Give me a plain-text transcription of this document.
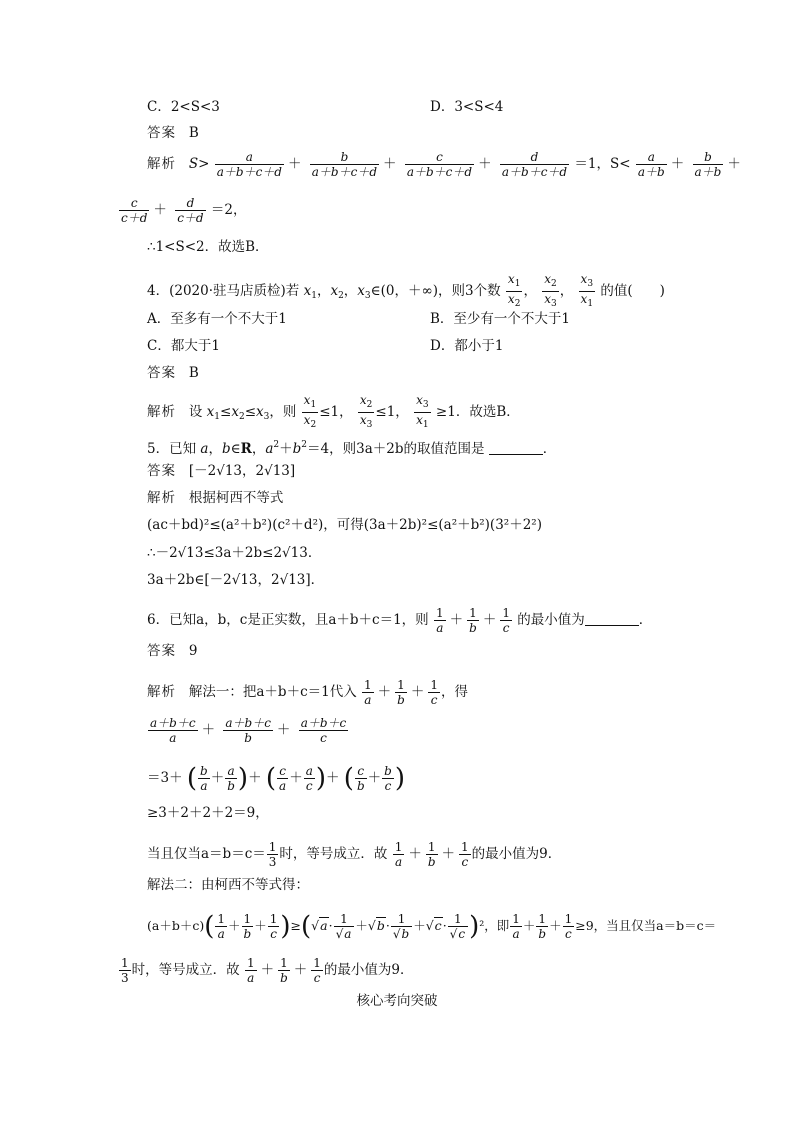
C．2<S<3	D．3<S<4
答案 B
解析 $S> \frac{a}{a+b+c+d} + \frac{b}{a+b+c+d} + \frac{c}{a+b+c+d} + \frac{d}{a+b+c+d} =1$，$S< \frac{a}{a+b} + \frac{b}{a+b}$ ＋
$\frac{c}{c+d} + \frac{d}{c+d} =2$，
∴1<S<2．故选B．
4．(2020·驻马店质检)若 $x_1$，$x_2$，$x_3\in(0$，＋∞)，则3个数 $\frac{x_1}{x_2}$ ， $\frac{x_2}{x_3}$ ， $\frac{x_3}{x_1}$ 的值(　　)
A．至多有一个不大于1	B．至少有一个不大于1
C．都大于1	D．都小于1
答案 B
解析 设 $x_1\le x_2\le x_3$，则 $\frac{x_1}{x_2} \le 1$， $\frac{x_2}{x_3} \le 1$， $\frac{x_3}{x_1} \ge 1$．故选B．
5．已知 a，b∈R，$a^2+b^2=4$，则3a＋2b的取值范围是	．
答案 [－2√13，2√13]
解析 根据柯西不等式
(ac＋bd)²≤(a²＋b²)(c²＋d²)，可得(3a＋2b)²≤(a²＋b²)(3²＋2²)
∴－2√13≤3a＋2b≤2√13．
3a＋2b∈[－2√13，2√13]．
6．已知a，b，c是正实数，且a＋b＋c＝1，则 $\frac{1}{a} + \frac{1}{b} + \frac{1}{c}$ 的最小值为	．
答案 9
解析 解法一：把a＋b＋c＝1代入 $\frac{1}{a} + \frac{1}{b} + \frac{1}{c}$ ，得
$\frac{a+b+c}{a} + \frac{a+b+c}{b} + \frac{a+b+c}{c}$
＝3＋ ( $\frac{b}{a} + \frac{a}{b}$ )＋ ( $\frac{c}{a} + \frac{a}{c}$ )＋ ( $\frac{c}{b} + \frac{b}{c}$ )
≥3＋2＋2＋2＝9，
当且仅当$a=b=c= \frac{1}{3}$ 时，等号成立．故 $\frac{1}{a} + \frac{1}{b} + \frac{1}{c}$ 的最小值为9．
解法二：由柯西不等式得：
$(a+b+c)( \frac{1}{a} + \frac{1}{b} + \frac{1}{c} )\ge(√a\cdot \frac{1}{√a} +√b\cdot \frac{1}{√b} +√c\cdot \frac{1}{√c} )^2$，即 $\frac{1}{a} + \frac{1}{b} + \frac{1}{c} \ge 9$，当且仅当a＝b＝c＝
$\frac{1}{3}$ 时，等号成立．故 $\frac{1}{a} + \frac{1}{b} + \frac{1}{c}$ 的最小值为9．
核心考向突破
